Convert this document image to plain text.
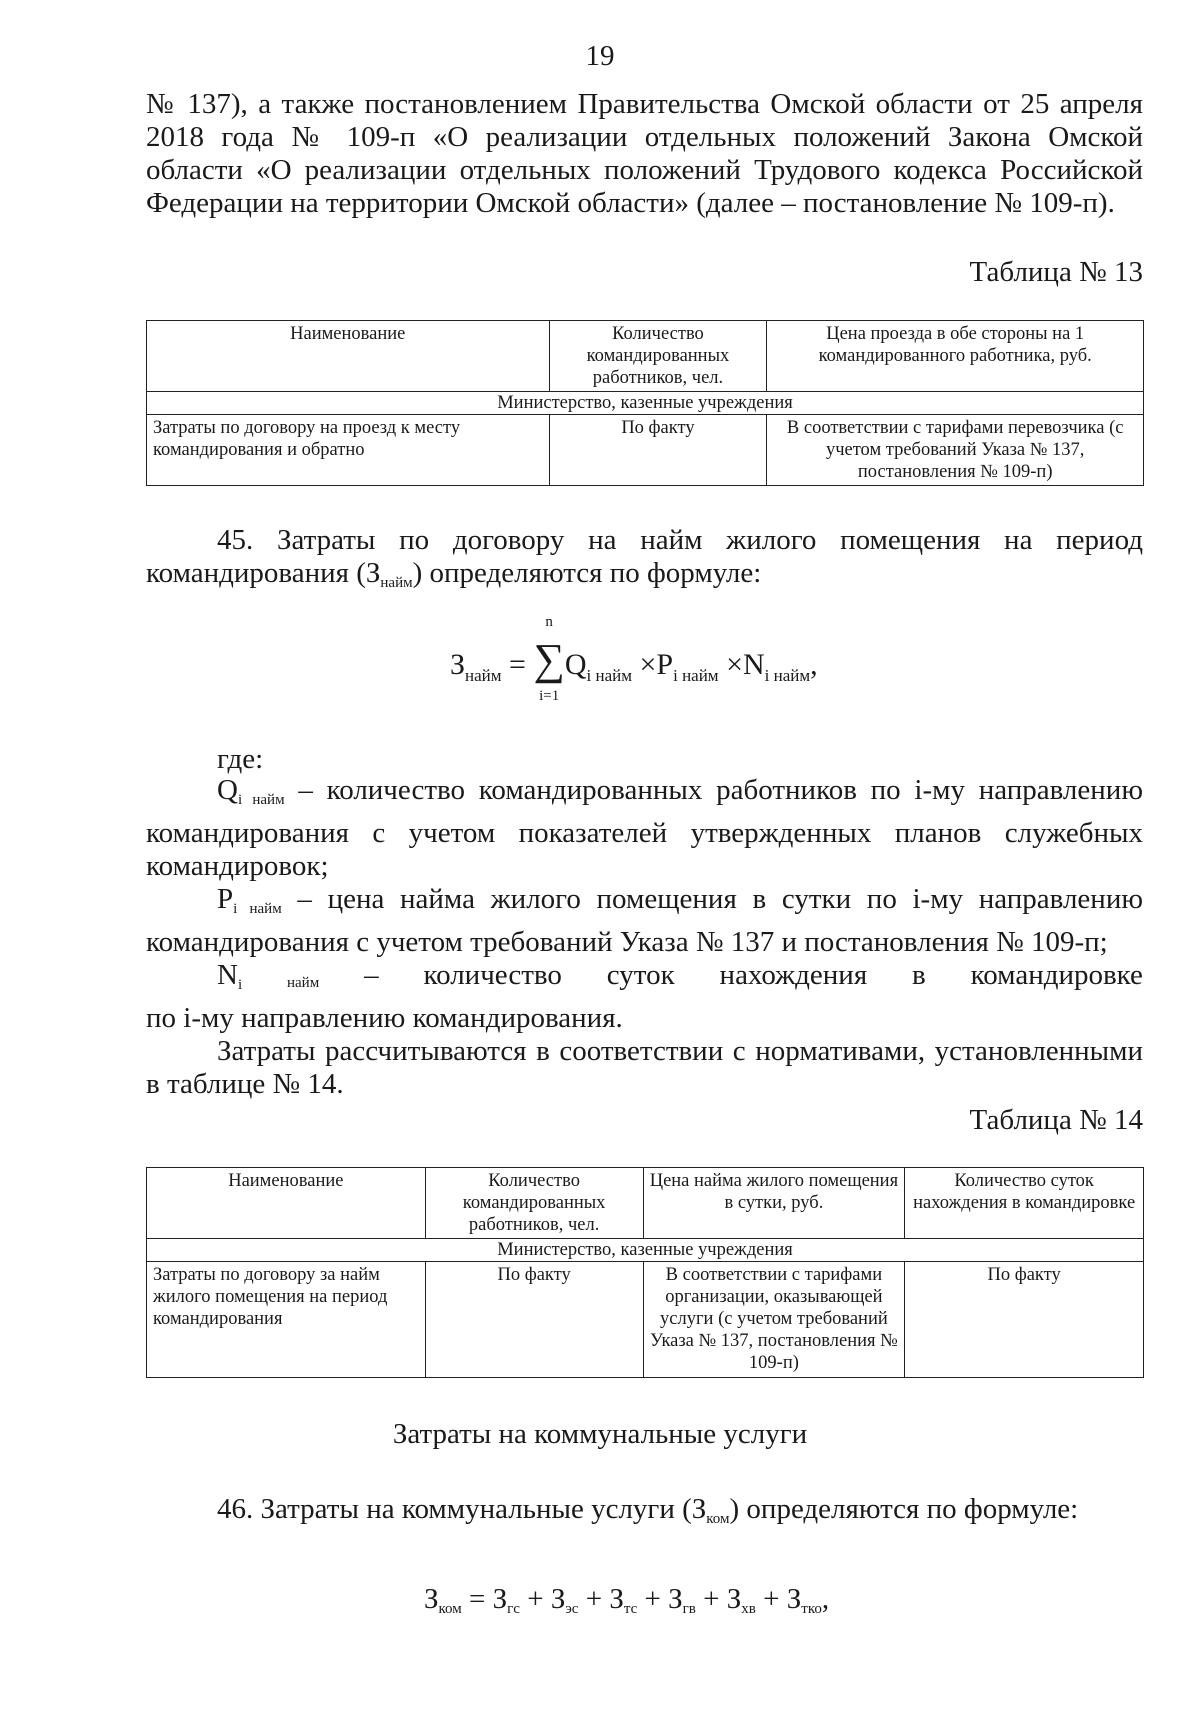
19
№ 137), а также постановлением Правительства Омской области от 25 апреля
2018 года № 109-п «О реализации отдельных положений Закона Омской
области «О реализации отдельных положений Трудового кодекса Российской
Федерации на территории Омской области» (далее – постановление № 109-п).
Таблица № 13
Наименование	Количество командированных работников, чел.	Цена проезда в обе стороны на 1 командированного работника, руб.
Министерство, казенные учреждения		
Затраты по договору на проезд к месту командирования и обратно	По факту	В соответствии с тарифами перевозчика (с учетом требований Указа № 137, постановления № 109-п)
45. Затраты по договору на найм жилого помещения на период
командирования (Знайм) определяются по формуле:
$З_{найм}$ = ∑
n
i=1
$Q_{i найм} \times P_{i найм} \times N_{i найм}$,
где:
Qi найм – количество командированных работников по i-му направлению
командирования с учетом показателей утвержденных планов служебных
командировок;
Pi найм – цена найма жилого помещения в сутки по i-му направлению
командирования с учетом требований Указа № 137 и постановления № 109-п;
Ni	найм – количество суток нахождения в командировке
по i-му направлению командирования.
Затраты рассчитываются в соответствии с нормативами, установленными
в таблице № 14.
Таблица № 14
Наименование	Количество командированных работников, чел.	Цена найма жилого помещения в сутки, руб.	Количество суток нахождения в командировке
Министерство, казенные учреждения			
Затраты по договору за найм жилого помещения на период командирования	По факту	В соответствии с тарифами организации, оказывающей услуги (с учетом требований Указа № 137, постановления № 109-п)	По факту
Затраты на коммунальные услуги
46. Затраты на коммунальные услуги (Зком) определяются по формуле:
Зком = Згс + Зэс + Зтс + Згв + Зхв + Зтко,
